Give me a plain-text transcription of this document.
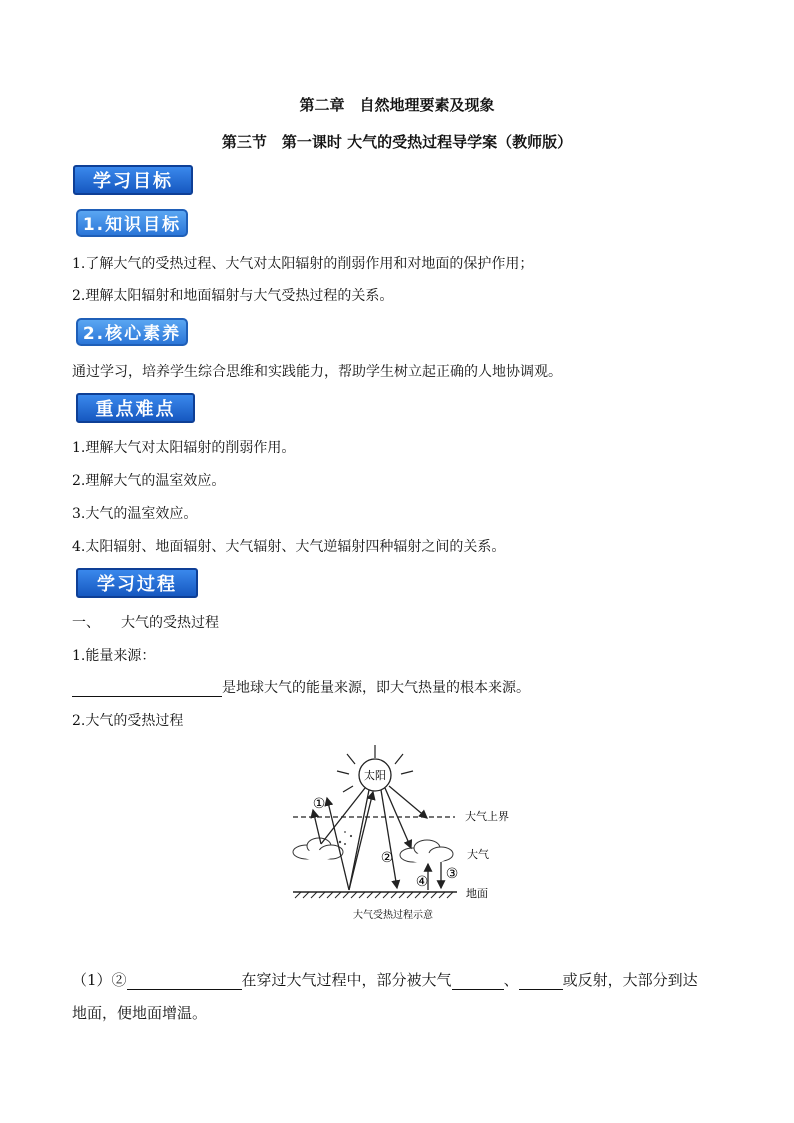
第二章　自然地理要素及现象
第三节　第一课时 大气的受热过程导学案（教师版）
学习目标
1.知识目标
1.了解大气的受热过程、大气对太阳辐射的削弱作用和对地面的保护作用；
2.理解太阳辐射和地面辐射与大气受热过程的关系。
2.核心素养
通过学习，培养学生综合思维和实践能力，帮助学生树立起正确的人地协调观。
重点难点
1.理解大气对太阳辐射的削弱作用。
2.理解大气的温室效应。
3.大气的温室效应。
4.太阳辐射、地面辐射、大气辐射、大气逆辐射四种辐射之间的关系。
学习过程
一、　　大气的受热过程
1.能量来源：
是地球大气的能量来源，即大气热量的根本来源。
2.大气的受热过程
太阳
大气上界
大气
地面
①
②
③
④
大气受热过程示意
（1）②	在穿过大气过程中，部分被大气	、	或反射，大部分到达
地面，便地面增温。
